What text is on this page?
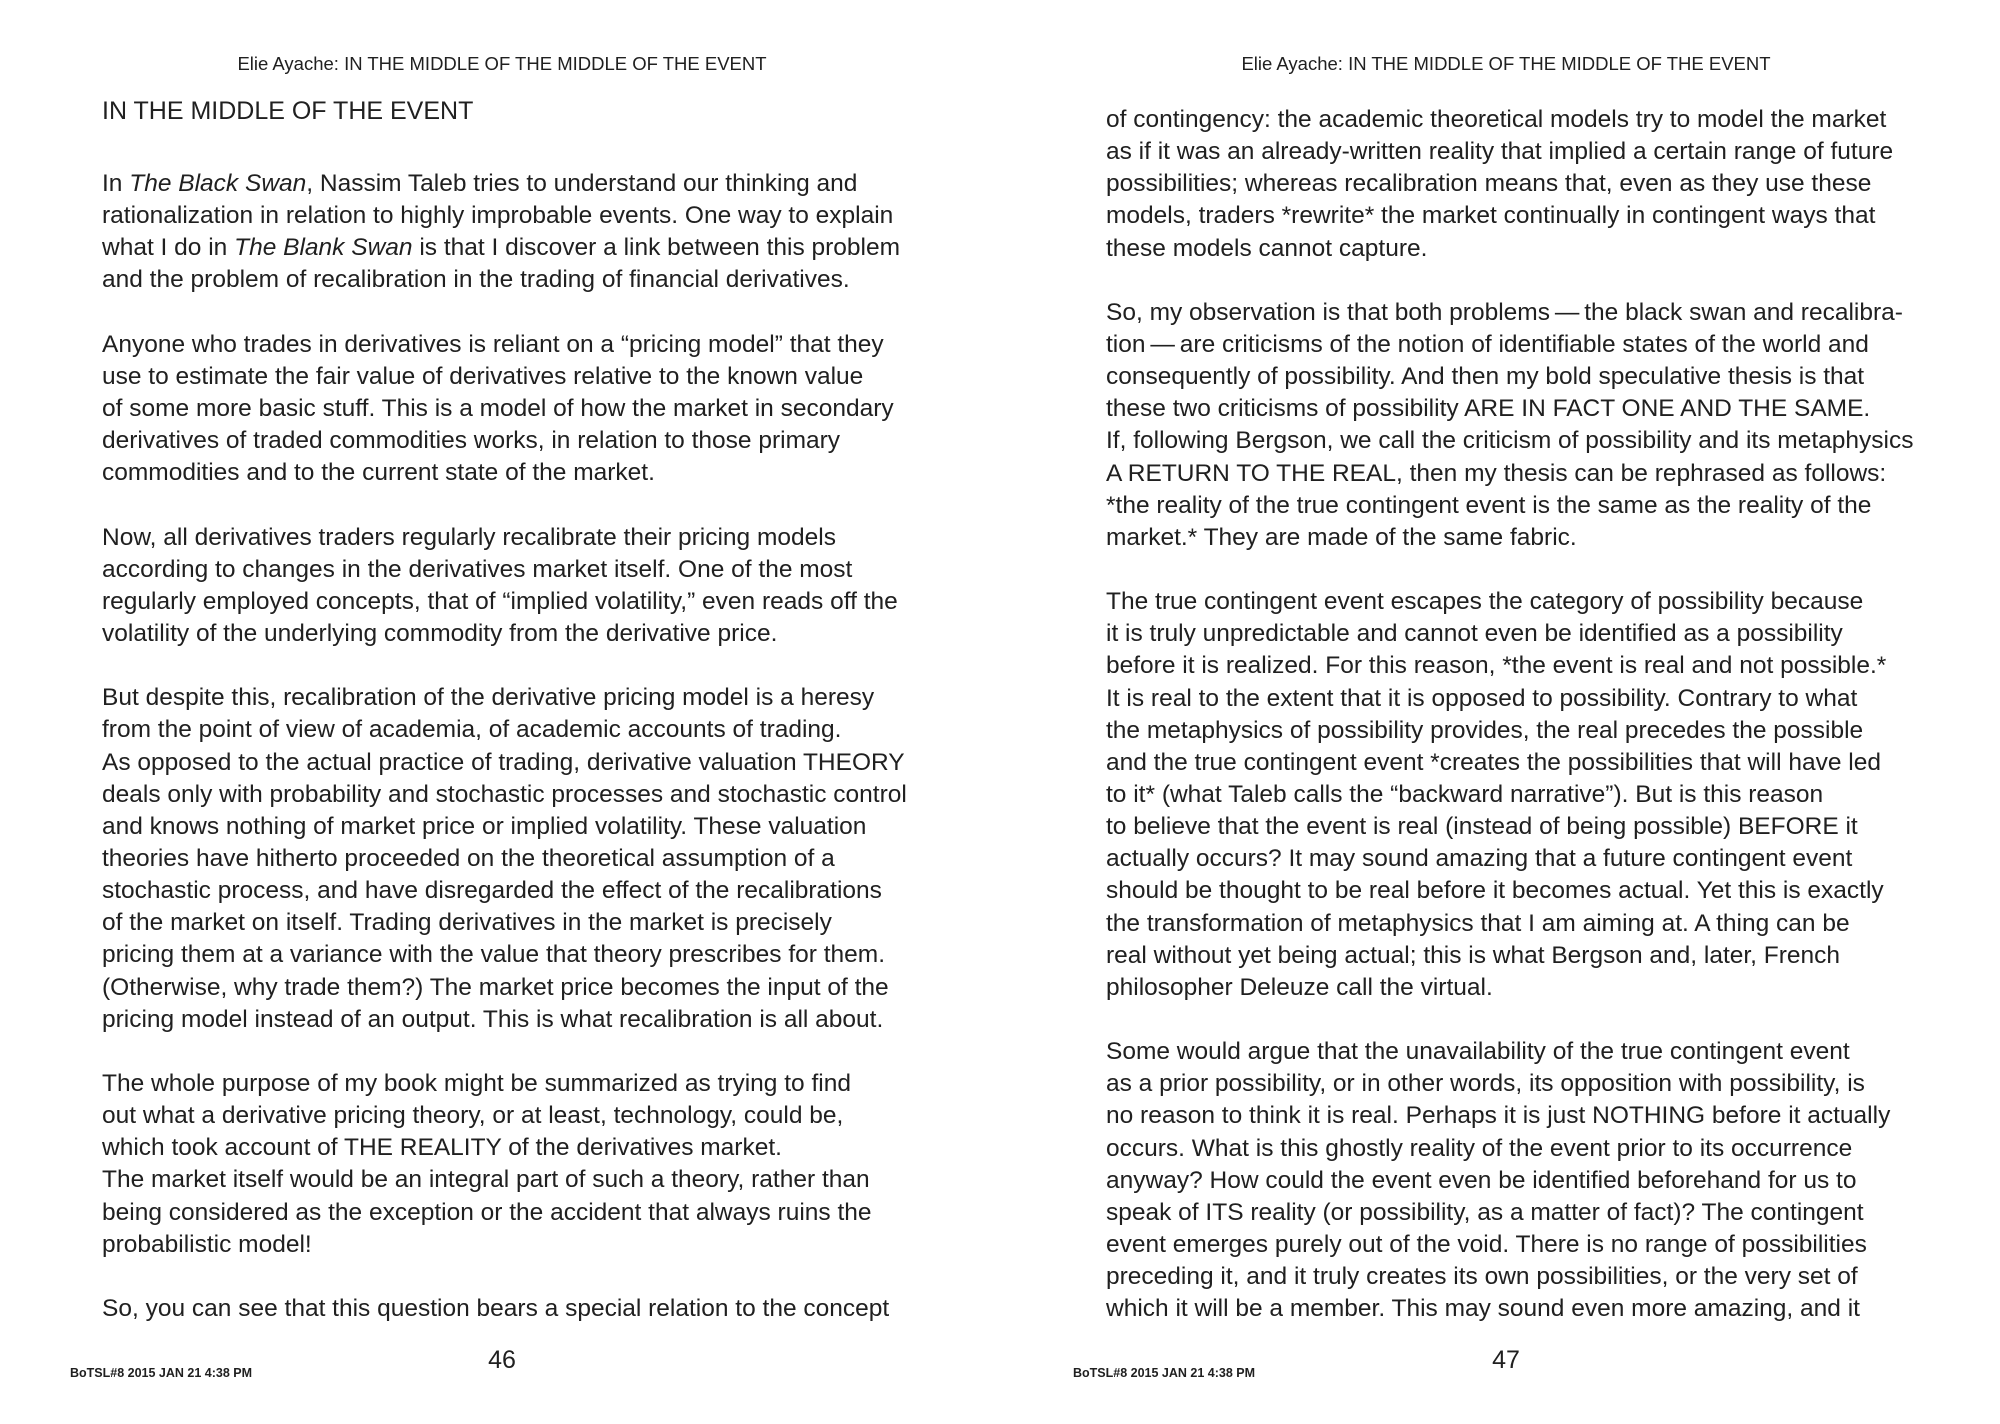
Elie Ayache: IN THE MIDDLE OF THE MIDDLE OF THE EVENT
IN THE MIDDLE OF THE EVENT
In The Black Swan, Nassim Taleb tries to understand our thinking and
rationalization in relation to highly improbable events. One way to explain
what I do in The Blank Swan is that I discover a link between this problem
and the problem of recalibration in the trading of financial derivatives.
Anyone who trades in derivatives is reliant on a “pricing model” that they
use to estimate the fair value of derivatives relative to the known value
of some more basic stuff. This is a model of how the market in secondary
derivatives of traded commodities works, in relation to those primary
commodities and to the current state of the market.
Now, all derivatives traders regularly recalibrate their pricing models
according to changes in the derivatives market itself. One of the most
regularly employed concepts, that of “implied volatility,” even reads off the
volatility of the underlying commodity from the derivative price.
But despite this, recalibration of the derivative pricing model is a heresy
from the point of view of academia, of academic accounts of trading.
As opposed to the actual practice of trading, derivative valuation THEORY
deals only with probability and stochastic processes and stochastic control
and knows nothing of market price or implied volatility. These valuation
theories have hitherto proceeded on the theoretical assumption of a
stochastic process, and have disregarded the effect of the recalibrations
of the market on itself. Trading derivatives in the market is precisely
pricing them at a variance with the value that theory prescribes for them.
(Otherwise, why trade them?) The market price becomes the input of the
pricing model instead of an output. This is what recalibration is all about.
The whole purpose of my book might be summarized as trying to find
out what a derivative pricing theory, or at least, technology, could be,
which took account of THE REALITY of the derivatives market.
The market itself would be an integral part of such a theory, rather than
being considered as the exception or the accident that always ruins the
probabilistic model!
So, you can see that this question bears a special relation to the concept
46
BoTSL#8 2015 JAN 21 4:38 PM
Elie Ayache: IN THE MIDDLE OF THE MIDDLE OF THE EVENT
of contingency: the academic theoretical models try to model the market
as if it was an already-written reality that implied a certain range of future
possibilities; whereas recalibration means that, even as they use these
models, traders *rewrite* the market continually in contingent ways that
these models cannot capture.
So, my observation is that both problems — the black swan and recalibra-
tion — are criticisms of the notion of identifiable states of the world and
consequently of possibility. And then my bold speculative thesis is that
these two criticisms of possibility ARE IN FACT ONE AND THE SAME.
If, following Bergson, we call the criticism of possibility and its metaphysics
A RETURN TO THE REAL, then my thesis can be rephrased as follows:
*the reality of the true contingent event is the same as the reality of the
market.* They are made of the same fabric.
The true contingent event escapes the category of possibility because
it is truly unpredictable and cannot even be identified as a possibility
before it is realized. For this reason, *the event is real and not possible.*
It is real to the extent that it is opposed to possibility. Contrary to what
the metaphysics of possibility provides, the real precedes the possible
and the true contingent event *creates the possibilities that will have led
to it* (what Taleb calls the “backward narrative”). But is this reason
to believe that the event is real (instead of being possible) BEFORE it
actually occurs? It may sound amazing that a future contingent event
should be thought to be real before it becomes actual. Yet this is exactly
the transformation of metaphysics that I am aiming at. A thing can be
real without yet being actual; this is what Bergson and, later, French
philosopher Deleuze call the virtual.
Some would argue that the unavailability of the true contingent event
as a prior possibility, or in other words, its opposition with possibility, is
no reason to think it is real. Perhaps it is just NOTHING before it actually
occurs. What is this ghostly reality of the event prior to its occurrence
anyway? How could the event even be identified beforehand for us to
speak of ITS reality (or possibility, as a matter of fact)? The contingent
event emerges purely out of the void. There is no range of possibilities
preceding it, and it truly creates its own possibilities, or the very set of
which it will be a member. This may sound even more amazing, and it
47
BoTSL#8 2015 JAN 21 4:38 PM
